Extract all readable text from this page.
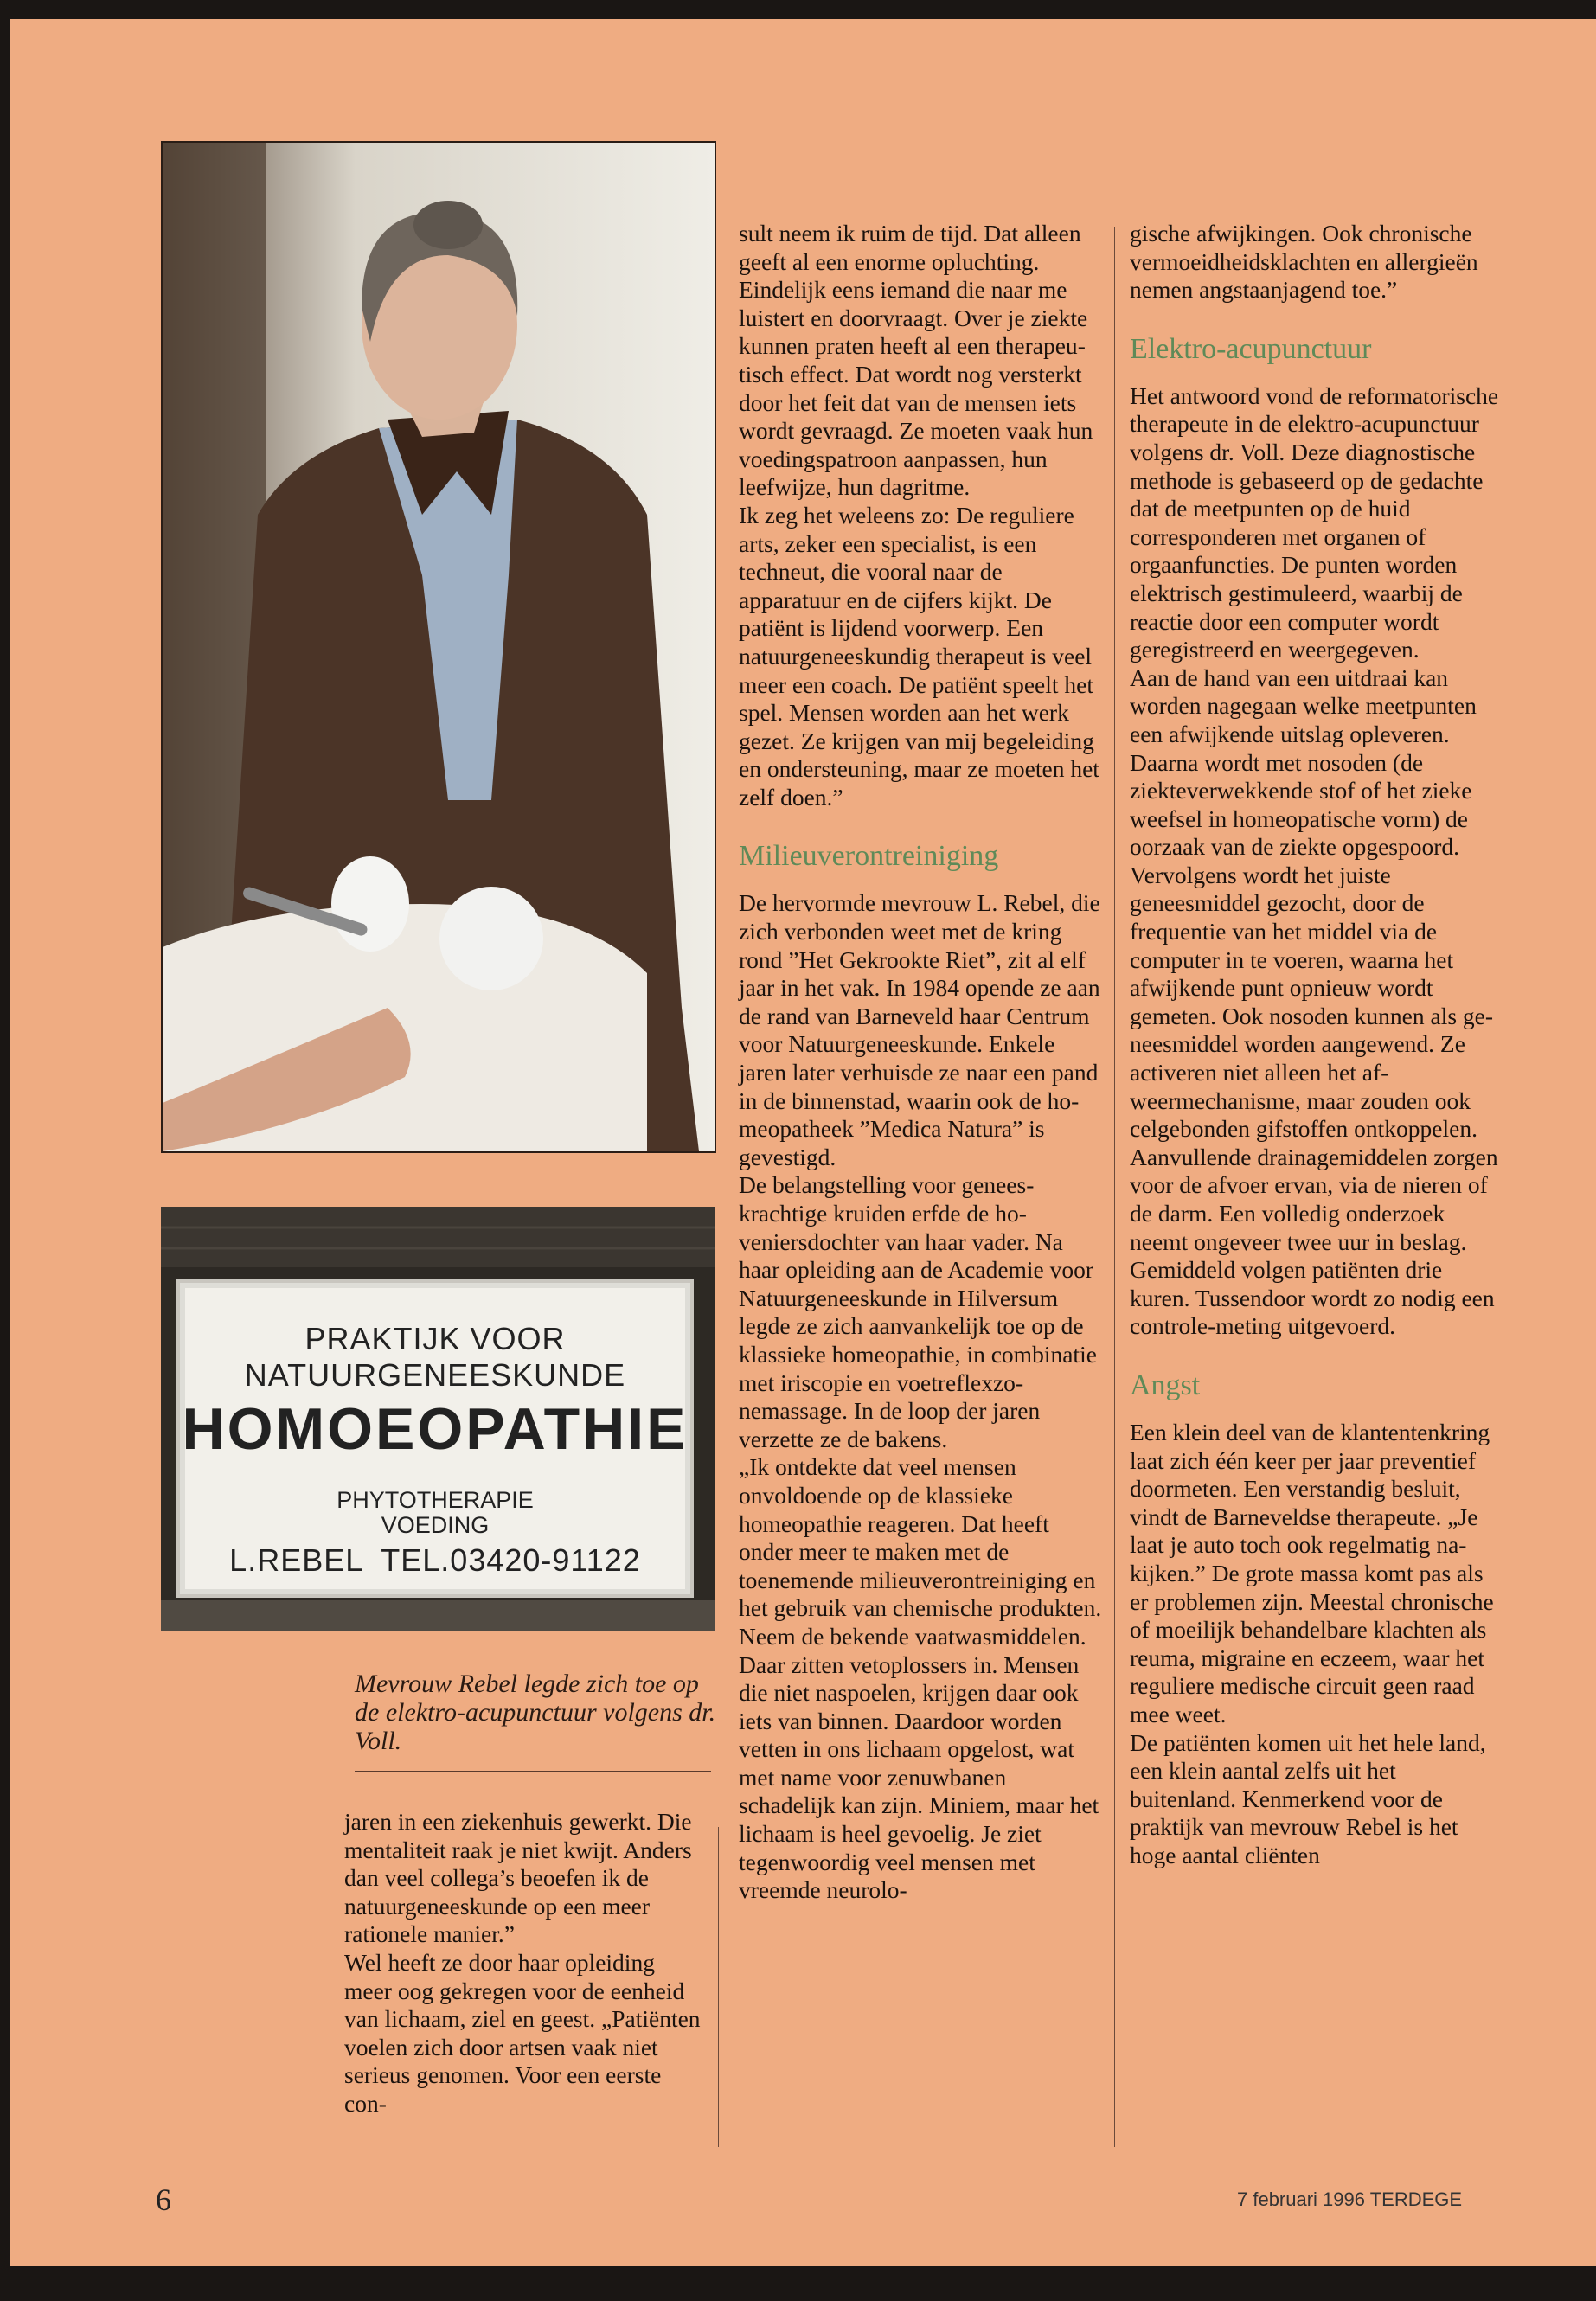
PRAKTIJK VOOR
NATUURGENEESKUNDE
HOMOEOPATHIE
PHYTOTHERAPIE
VOEDING
L.REBEL  TEL.03420-91122
Mevrouw Rebel legde zich toe op de elektro-acupunctuur volgens dr. Voll.

jaren in een ziekenhuis gewerkt. Die mentaliteit raak je niet kwijt. Anders dan veel collega’s beoefen ik de natuurgeneeskunde op een meer rationele manier.”

Wel heeft ze door haar opleiding meer oog gekregen voor de eenheid van lichaam, ziel en geest. „Patiënten voelen zich door artsen vaak niet serieus genomen. Voor een eerste con-

sult neem ik ruim de tijd. Dat alleen geeft al een enorme opluchting. Eindelijk eens iemand die naar me luistert en doorvraagt. Over je ziekte kunnen praten heeft al een therapeutisch effect. Dat wordt nog versterkt door het feit dat van de mensen iets wordt gevraagd. Ze moeten vaak hun voedingspatroon aanpassen, hun leefwijze, hun dagritme.

Ik zeg het weleens zo: De reguliere arts, zeker een specialist, is een techneut, die vooral naar de apparatuur en de cijfers kijkt. De patiënt is lijdend voorwerp. Een natuurgeneeskundig therapeut is veel meer een coach. De patiënt speelt het spel. Mensen worden aan het werk gezet. Ze krijgen van mij begeleiding en ondersteuning, maar ze moeten het zelf doen.”

Milieuverontreiniging

De hervormde mevrouw L. Rebel, die zich verbonden weet met de kring rond ”Het Gekrookte Riet”, zit al elf jaar in het vak. In 1984 opende ze aan de rand van Barneveld haar Centrum voor Natuurgeneeskunde. Enkele jaren later verhuisde ze naar een pand in de binnenstad, waarin ook de homeopatheek ”Medica Natura” is gevestigd.

De belangstelling voor geneeskrachtige kruiden erfde de hoveniersdochter van haar vader. Na haar opleiding aan de Academie voor Natuurgeneeskunde in Hilversum legde ze zich aanvankelijk toe op de klassieke homeopathie, in combinatie met iriscopie en voetreflexzonemassage. In de loop der jaren verzette ze de bakens.

„Ik ontdekte dat veel mensen onvoldoende op de klassieke homeopathie reageren. Dat heeft onder meer te maken met de toenemende milieuverontreiniging en het gebruik van chemische produkten. Neem de bekende vaatwasmiddelen. Daar zitten vetoplossers in. Mensen die niet naspoelen, krijgen daar ook iets van binnen. Daardoor worden vetten in ons lichaam opgelost, wat met name voor zenuwbanen schadelijk kan zijn. Miniem, maar het lichaam is heel gevoelig. Je ziet tegenwoordig veel mensen met vreemde neurolo-

gische afwijkingen. Ook chronische vermoeidheidsklachten en allergieën nemen angstaanjagend toe.”

Elektro-acupunctuur

Het antwoord vond de reformatorische therapeute in de elektro-acupunctuur volgens dr. Voll. Deze diagnostische methode is gebaseerd op de gedachte dat de meetpunten op de huid corresponderen met organen of orgaanfuncties. De punten worden elektrisch gestimuleerd, waarbij de reactie door een computer wordt geregistreerd en weergegeven.

Aan de hand van een uitdraai kan worden nagegaan welke meetpunten een afwijkende uitslag opleveren. Daarna wordt met nosoden (de ziekteverwekkende stof of het zieke weefsel in homeopatische vorm) de oorzaak van de ziekte opgespoord. Vervolgens wordt het juiste geneesmiddel gezocht, door de frequentie van het middel via de computer in te voeren, waarna het afwijkende punt opnieuw wordt gemeten. Ook nosoden kunnen als geneesmiddel worden aangewend. Ze activeren niet alleen het afweermechanisme, maar zouden ook celgebonden gifstoffen ontkoppelen. Aanvullende drainagemiddelen zorgen voor de afvoer ervan, via de nieren of de darm. Een volledig onderzoek neemt ongeveer twee uur in beslag. Gemiddeld volgen patiënten drie kuren. Tussendoor wordt zo nodig een controle-meting uitgevoerd.

Angst

Een klein deel van de klantentenkring laat zich één keer per jaar preventief doormeten. Een verstandig besluit, vindt de Barneveldse therapeute. „Je laat je auto toch ook regelmatig nakijken.” De grote massa komt pas als er problemen zijn. Meestal chronische of moeilijk behandelbare klachten als reuma, migraine en eczeem, waar het reguliere medische circuit geen raad mee weet.

De patiënten komen uit het hele land, een klein aantal zelfs uit het buitenland. Kenmerkend voor de praktijk van mevrouw Rebel is het hoge aantal cliënten

6	7 februari 1996 TERDEGE
